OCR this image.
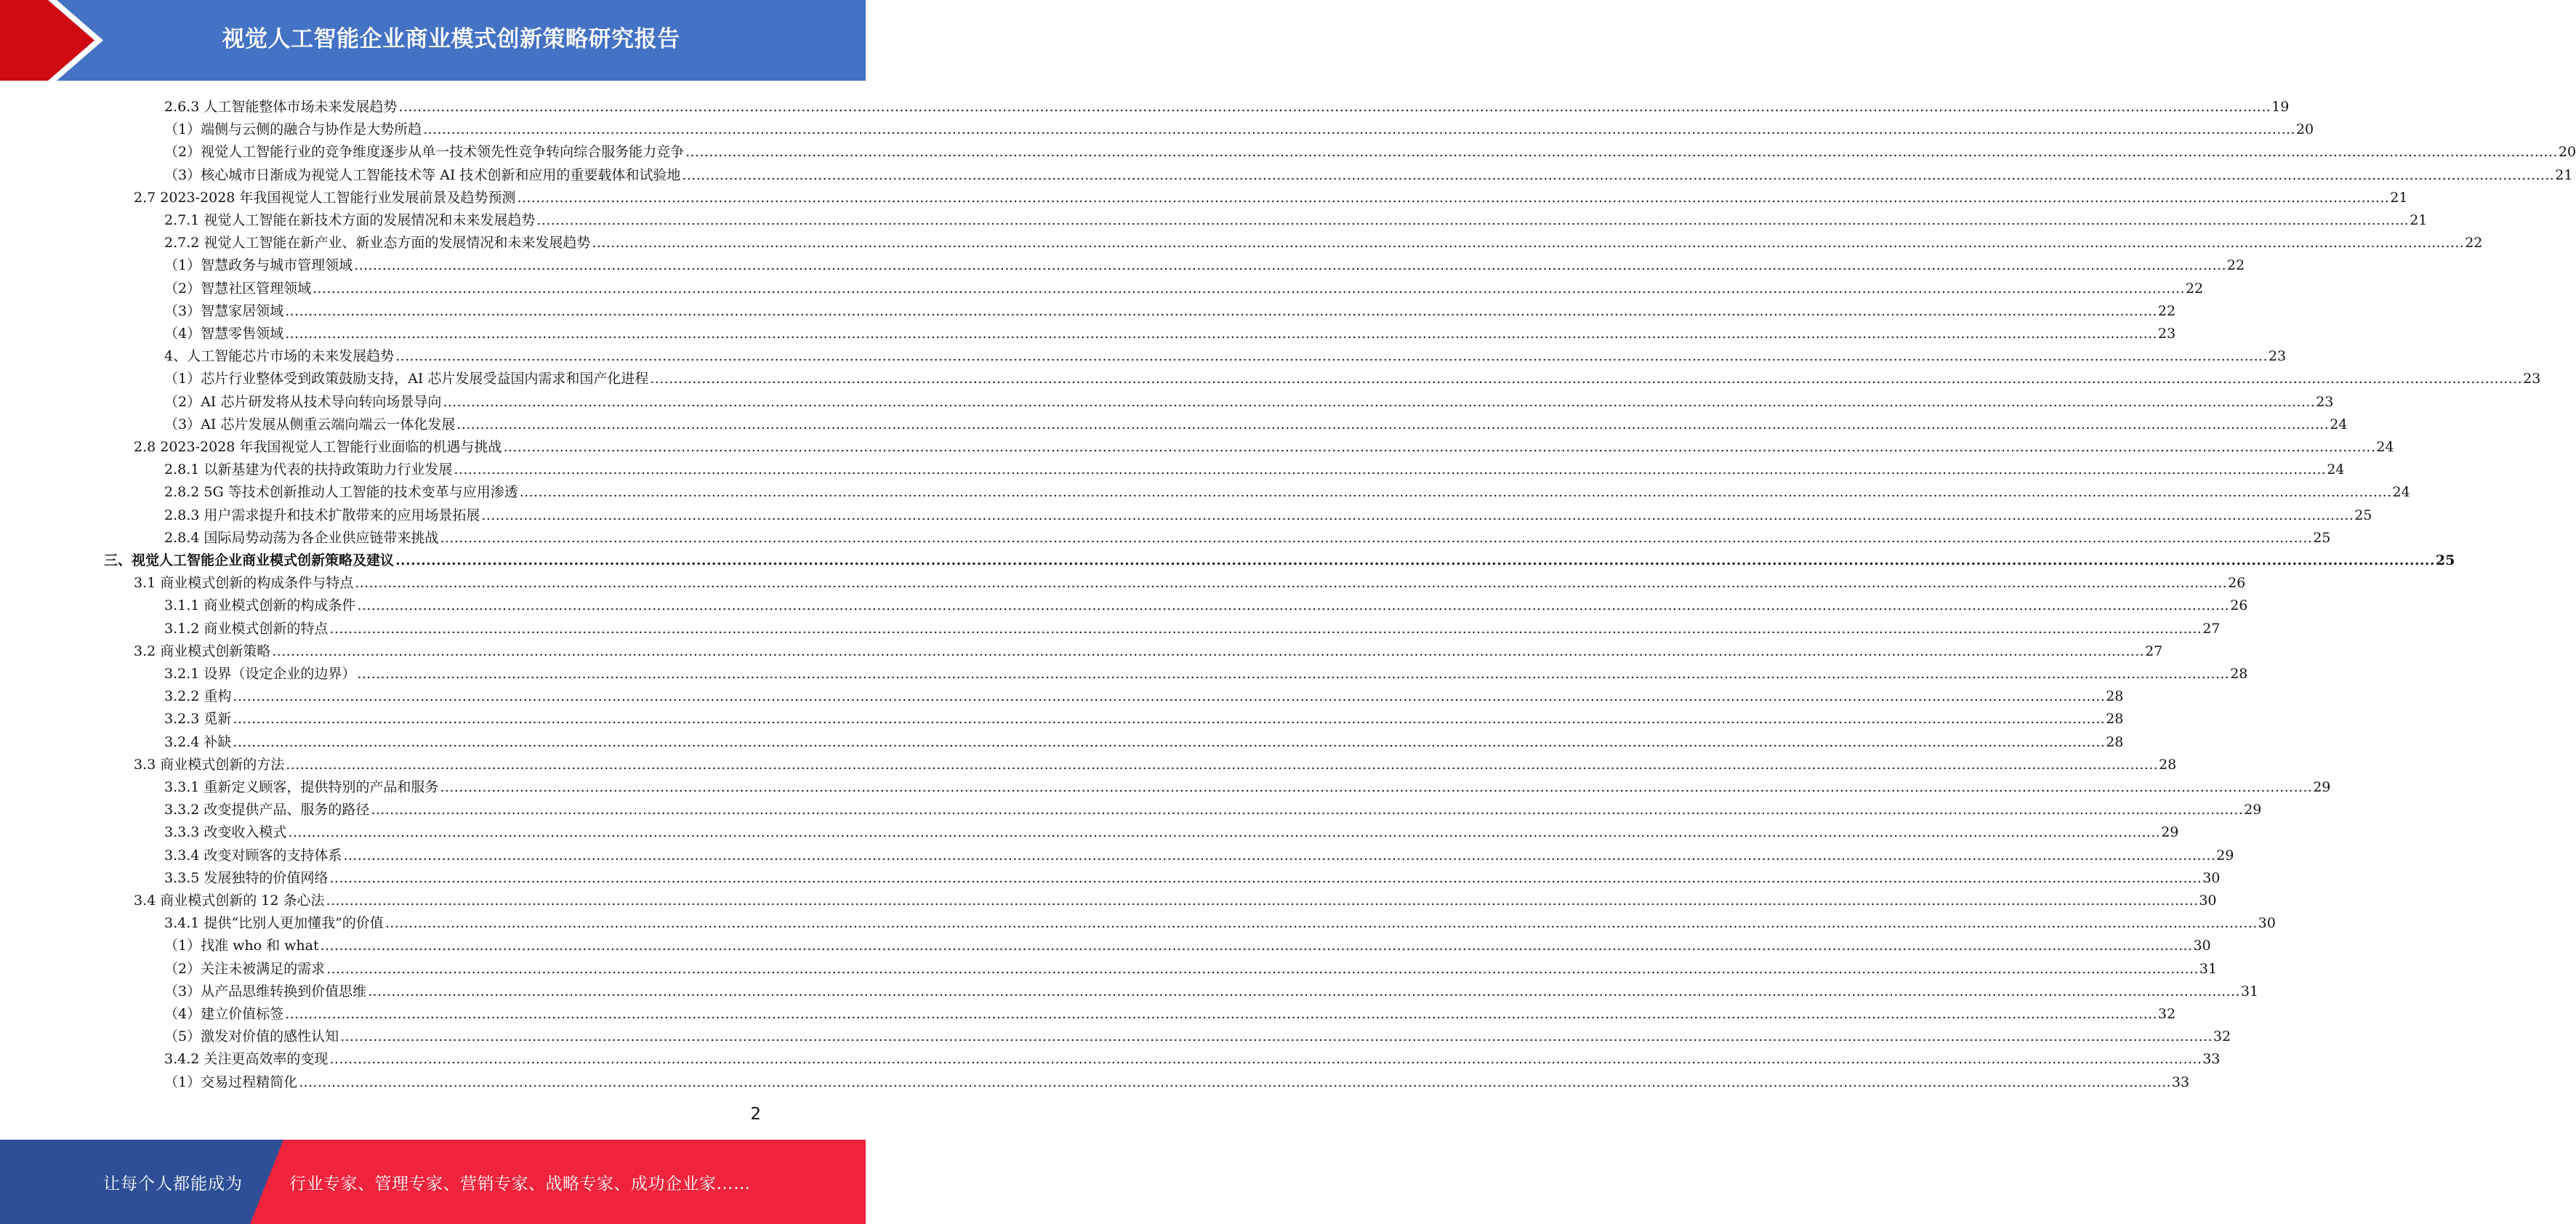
视觉人工智能企业商业模式创新策略研究报告
2.6.3 人工智能整体市场未来发展趋势 ................................................................................................................................................................................................................................................................................................................................................................................................................ 19
（1）端侧与云侧的融合与协作是大势所趋 ................................................................................................................................................................................................................................................................................................................................................................................................................ 20
（2）视觉人工智能行业的竞争维度逐步从单一技术领先性竞争转向综合服务能力竞争 ................................................................................................................................................................................................................................................................................................................................................................................................................ 20
（3）核心城市日渐成为视觉人工智能技术等 AI 技术创新和应用的重要载体和试验地 ................................................................................................................................................................................................................................................................................................................................................................................................................ 21
2.7 2023-2028 年我国视觉人工智能行业发展前景及趋势预测 ................................................................................................................................................................................................................................................................................................................................................................................................................ 21
2.7.1 视觉人工智能在新技术方面的发展情况和未来发展趋势 ................................................................................................................................................................................................................................................................................................................................................................................................................ 21
2.7.2 视觉人工智能在新产业、新业态方面的发展情况和未来发展趋势 ................................................................................................................................................................................................................................................................................................................................................................................................................ 22
（1）智慧政务与城市管理领域 ................................................................................................................................................................................................................................................................................................................................................................................................................ 22
（2）智慧社区管理领域 ................................................................................................................................................................................................................................................................................................................................................................................................................ 22
（3）智慧家居领域 ................................................................................................................................................................................................................................................................................................................................................................................................................ 22
（4）智慧零售领域 ................................................................................................................................................................................................................................................................................................................................................................................................................ 23
4、人工智能芯片市场的未来发展趋势 ................................................................................................................................................................................................................................................................................................................................................................................................................ 23
（1）芯片行业整体受到政策鼓励支持，AI 芯片发展受益国内需求和国产化进程 ................................................................................................................................................................................................................................................................................................................................................................................................................ 23
（2）AI 芯片研发将从技术导向转向场景导向 ................................................................................................................................................................................................................................................................................................................................................................................................................ 23
（3）AI 芯片发展从侧重云端向端云一体化发展 ................................................................................................................................................................................................................................................................................................................................................................................................................ 24
2.8 2023-2028 年我国视觉人工智能行业面临的机遇与挑战 ................................................................................................................................................................................................................................................................................................................................................................................................................ 24
2.8.1 以新基建为代表的扶持政策助力行业发展 ................................................................................................................................................................................................................................................................................................................................................................................................................ 24
2.8.2 5G 等技术创新推动人工智能的技术变革与应用渗透 ................................................................................................................................................................................................................................................................................................................................................................................................................ 24
2.8.3 用户需求提升和技术扩散带来的应用场景拓展 ................................................................................................................................................................................................................................................................................................................................................................................................................ 25
2.8.4 国际局势动荡为各企业供应链带来挑战 ................................................................................................................................................................................................................................................................................................................................................................................................................ 25
三、视觉人工智能企业商业模式创新策略及建议 ................................................................................................................................................................................................................................................................................................................................................................................................................ 25
3.1 商业模式创新的构成条件与特点 ................................................................................................................................................................................................................................................................................................................................................................................................................ 26
3.1.1 商业模式创新的构成条件 ................................................................................................................................................................................................................................................................................................................................................................................................................ 26
3.1.2 商业模式创新的特点 ................................................................................................................................................................................................................................................................................................................................................................................................................ 27
3.2 商业模式创新策略 ................................................................................................................................................................................................................................................................................................................................................................................................................ 27
3.2.1 设界（设定企业的边界） ................................................................................................................................................................................................................................................................................................................................................................................................................ 28
3.2.2 重构 ................................................................................................................................................................................................................................................................................................................................................................................................................ 28
3.2.3 觅新 ................................................................................................................................................................................................................................................................................................................................................................................................................ 28
3.2.4 补缺 ................................................................................................................................................................................................................................................................................................................................................................................................................ 28
3.3 商业模式创新的方法 ................................................................................................................................................................................................................................................................................................................................................................................................................ 28
3.3.1 重新定义顾客，提供特别的产品和服务 ................................................................................................................................................................................................................................................................................................................................................................................................................ 29
3.3.2 改变提供产品、服务的路径 ................................................................................................................................................................................................................................................................................................................................................................................................................ 29
3.3.3 改变收入模式 ................................................................................................................................................................................................................................................................................................................................................................................................................ 29
3.3.4 改变对顾客的支持体系 ................................................................................................................................................................................................................................................................................................................................................................................................................ 29
3.3.5 发展独特的价值网络 ................................................................................................................................................................................................................................................................................................................................................................................................................ 30
3.4 商业模式创新的 12 条心法 ................................................................................................................................................................................................................................................................................................................................................................................................................ 30
3.4.1 提供“比别人更加懂我”的价值 ................................................................................................................................................................................................................................................................................................................................................................................................................ 30
（1）找准 who 和 what ................................................................................................................................................................................................................................................................................................................................................................................................................ 30
（2）关注未被满足的需求 ................................................................................................................................................................................................................................................................................................................................................................................................................ 31
（3）从产品思维转换到价值思维 ................................................................................................................................................................................................................................................................................................................................................................................................................ 31
（4）建立价值标签 ................................................................................................................................................................................................................................................................................................................................................................................................................ 32
（5）激发对价值的感性认知 ................................................................................................................................................................................................................................................................................................................................................................................................................ 32
3.4.2 关注更高效率的变现 ................................................................................................................................................................................................................................................................................................................................................................................................................ 33
（1）交易过程精简化 ................................................................................................................................................................................................................................................................................................................................................................................................................ 33
2
让每个人都能成为	行业专家、管理专家、营销专家、战略专家、成功企业家……
